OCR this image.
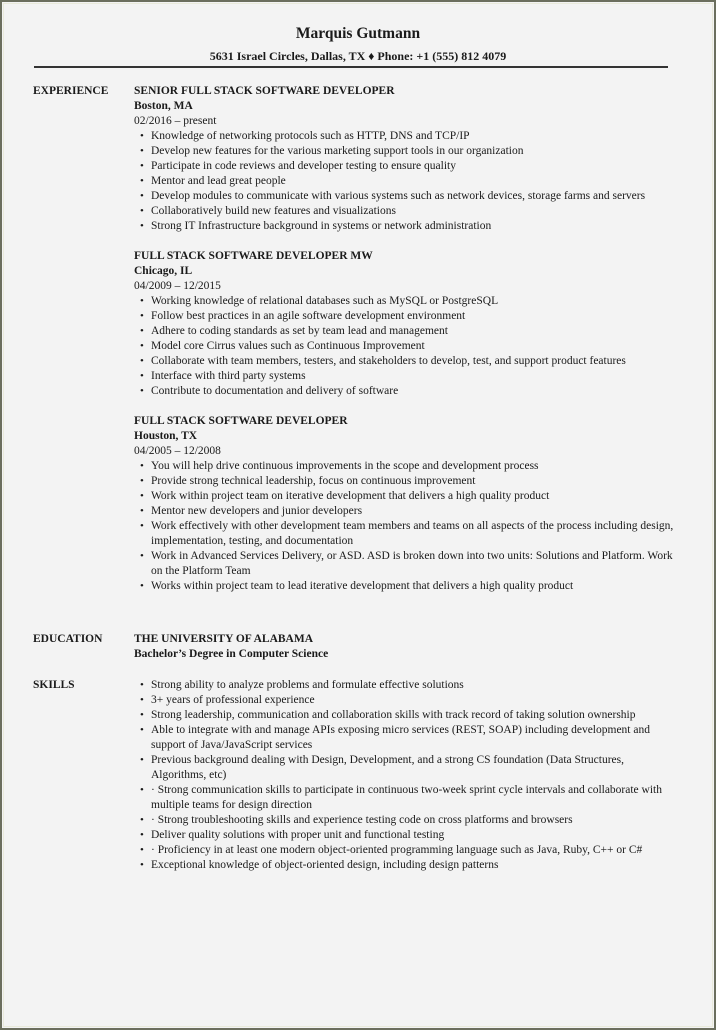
Marquis Gutmann
5631 Israel Circles, Dallas, TX ♦ Phone: +1 (555) 812 4079
EXPERIENCE SENIOR FULL STACK SOFTWARE DEVELOPER
Boston, MA
02/2016 – present
• Knowledge of networking protocols such as HTTP, DNS and TCP/IP
• Develop new features for the various marketing support tools in our organization
• Participate in code reviews and developer testing to ensure quality
• Mentor and lead great people
• Develop modules to communicate with various systems such as network devices, storage farms and servers
• Collaboratively build new features and visualizations
• Strong IT Infrastructure background in systems or network administration
FULL STACK SOFTWARE DEVELOPER MW
Chicago, IL
04/2009 – 12/2015
• Working knowledge of relational databases such as MySQL or PostgreSQL
• Follow best practices in an agile software development environment
• Adhere to coding standards as set by team lead and management
• Model core Cirrus values such as Continuous Improvement
• Collaborate with team members, testers, and stakeholders to develop, test, and support product features
• Interface with third party systems
• Contribute to documentation and delivery of software
FULL STACK SOFTWARE DEVELOPER
Houston, TX
04/2005 – 12/2008
• You will help drive continuous improvements in the scope and development process
• Provide strong technical leadership, focus on continuous improvement
• Work within project team on iterative development that delivers a high quality product
• Mentor new developers and junior developers
• Work effectively with other development team members and teams on all aspects of the process including design, implementation, testing, and documentation
• Work in Advanced Services Delivery, or ASD. ASD is broken down into two units: Solutions and Platform. Work on the Platform Team
• Works within project team to lead iterative development that delivers a high quality product
EDUCATION	THE UNIVERSITY OF ALABAMA
Bachelor’s Degree in Computer Science
SKILLS	• Strong ability to analyze problems and formulate effective solutions
• 3+ years of professional experience
• Strong leadership, communication and collaboration skills with track record of taking solution ownership
• Able to integrate with and manage APIs exposing micro services (REST, SOAP) including development and support of Java/JavaScript services
• Previous background dealing with Design, Development, and a strong CS foundation (Data Structures, Algorithms, etc)
• · Strong communication skills to participate in continuous two-week sprint cycle intervals and collaborate with multiple teams for design direction
• · Strong troubleshooting skills and experience testing code on cross platforms and browsers
• Deliver quality solutions with proper unit and functional testing
• · Proficiency in at least one modern object-oriented programming language such as Java, Ruby, C++ or C#
• Exceptional knowledge of object-oriented design, including design patterns
